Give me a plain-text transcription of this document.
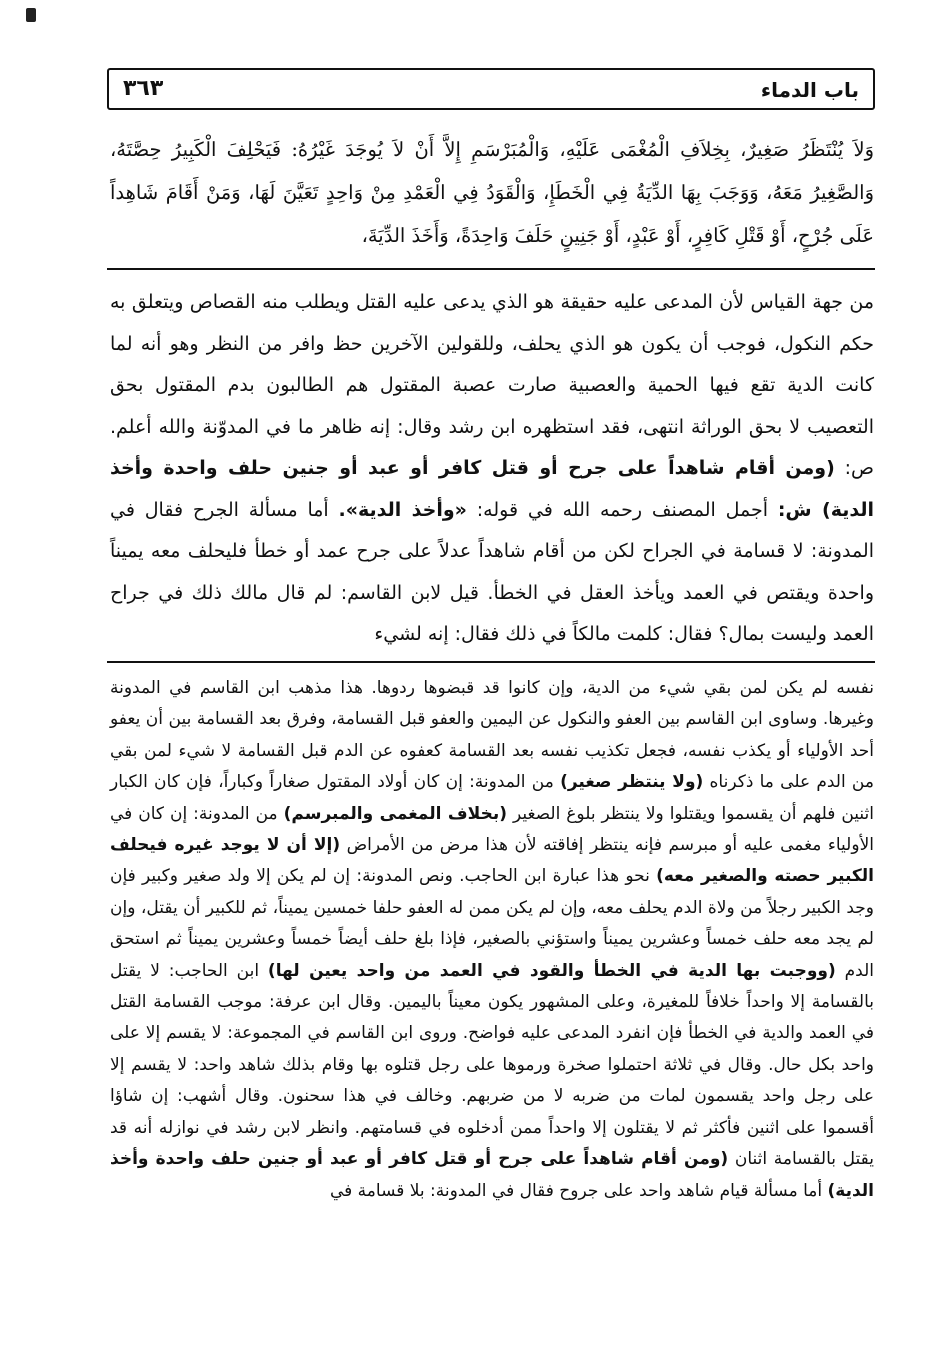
باب الدماء
٣٦٣

وَلاَ يُنْتَظَرُ صَغِيرٌ، بِخِلاَفِ الْمُغْمَى عَلَيْهِ، وَالْمُبَرْسَمِ إِلاَّ أَنْ لاَ يُوجَدَ غَيْرُهُ: فَيَحْلِفَ الْكَبِيرُ حِصَّتَهُ، وَالصَّغِيرُ مَعَهُ، وَوَجَبَ بِهَا الدِّيَةُ فِي الْخَطَإِ، وَالْقَوَدُ فِي الْعَمْدِ مِنْ وَاحِدٍ تَعَيَّنَ لَهَا، وَمَنْ أَقَامَ شَاهِداً عَلَى جُرْحٍ، أَوْ قَتْلِ كَافِرٍ، أَوْ عَبْدٍ، أَوْ جَنِينٍ حَلَفَ وَاحِدَةً، وَأَخَذَ الدِّيَةَ،

من جهة القياس لأن المدعى عليه حقيقة هو الذي يدعى عليه القتل ويطلب منه القصاص ويتعلق به حكم النكول، فوجب أن يكون هو الذي يحلف، وللقولين الآخرين حظ وافر من النظر وهو أنه لما كانت الدية تقع فيها الحمية والعصبية صارت عصبة المقتول هم الطالبون بدم المقتول بحق التعصيب لا بحق الوراثة انتهى، فقد استظهره ابن رشد وقال: إنه ظاهر ما في المدوّنة والله أعلم. ص: (ومن أقام شاهداً على جرح أو قتل كافر أو عبد أو جنين حلف واحدة وأخذ الدية) ش: أجمل المصنف رحمه الله في قوله: «وأخذ الدية». أما مسألة الجرح فقال في المدونة: لا قسامة في الجراح لكن من أقام شاهداً عدلاً على جرح عمد أو خطأ فليحلف معه يميناً واحدة ويقتص في العمد ويأخذ العقل في الخطأ. قيل لابن القاسم: لم قال مالك ذلك في جراح العمد وليست بمال؟ فقال: كلمت مالكاً في ذلك فقال: إنه لشيء

نفسه لم يكن لمن بقي شيء من الدية، وإن كانوا قد قبضوها ردوها. هذا مذهب ابن القاسم في المدونة وغيرها. وساوى ابن القاسم بين العفو والنكول عن اليمين والعفو قبل القسامة، وفرق بعد القسامة بين أن يعفو أحد الأولياء أو يكذب نفسه، فجعل تكذيب نفسه بعد القسامة كعفوه عن الدم قبل القسامة لا شيء لمن بقي من الدم على ما ذكرناه (ولا ينتظر صغير) من المدونة: إن كان أولاد المقتول صغاراً وكباراً، فإن كان الكبار اثنين فلهم أن يقسموا ويقتلوا ولا ينتظر بلوغ الصغير (بخلاف المغمى والمبرسم) من المدونة: إن كان في الأولياء مغمى عليه أو مبرسم فإنه ينتظر إفاقته لأن هذا مرض من الأمراض (إلا أن لا يوجد غيره فيحلف الكبير حصته والصغير معه) نحو هذا عبارة ابن الحاجب. ونص المدونة: إن لم يكن إلا ولد صغير وكبير فإن وجد الكبير رجلاً من ولاة الدم يحلف معه، وإن لم يكن ممن له العفو حلفا خمسين يميناً، ثم للكبير أن يقتل، وإن لم يجد معه حلف خمساً وعشرين يميناً واستؤني بالصغير، فإذا بلغ حلف أيضاً خمساً وعشرين يميناً ثم استحق الدم (ووجبت بها الدية في الخطأ والقود في العمد من واحد يعين لها) ابن الحاجب: لا يقتل بالقسامة إلا واحداً خلافاً للمغيرة، وعلى المشهور يكون معيناً باليمين. وقال ابن عرفة: موجب القسامة القتل في العمد والدية في الخطأ فإن انفرد المدعى عليه فواضح. وروى ابن القاسم في المجموعة: لا يقسم إلا على واحد بكل حال. وقال في ثلاثة احتملوا صخرة ورموها على رجل قتلوه بها وقام بذلك شاهد واحد: لا يقسم إلا على رجل واحد يقسمون لمات من ضربه لا من ضربهم. وخالف في هذا سحنون. وقال أشهب: إن شاؤا أقسموا على اثنين فأكثر ثم لا يقتلون إلا واحداً ممن أدخلوه في قسامتهم. وانظر لابن رشد في نوازله أنه قد يقتل بالقسامة اثنان (ومن أقام شاهداً على جرح أو قتل كافر أو عبد أو جنين حلف واحدة وأخذ الدية) أما مسألة قيام شاهد واحد على جروح فقال في المدونة: بلا قسامة في
